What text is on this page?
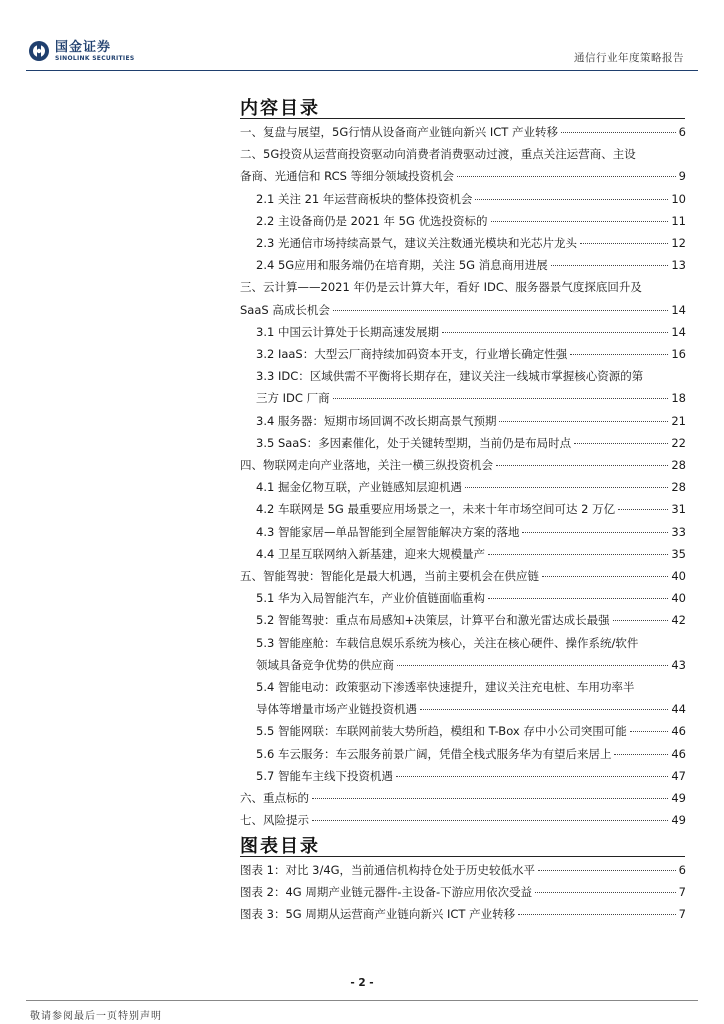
国金证券
SINOLINK SECURITIES	通信行业年度策略报告
内容目录
一、复盘与展望，5G行情从设备商产业链向新兴 ICT 产业转移	6
二、5G投资从运营商投资驱动向消费者消费驱动过渡，重点关注运营商、主设
备商、光通信和 RCS 等细分领域投资机会	9
2.1 关注 21 年运营商板块的整体投资机会	10
2.2 主设备商仍是 2021 年 5G 优选投资标的	11
2.3 光通信市场持续高景气，建议关注数通光模块和光芯片龙头	12
2.4 5G应用和服务端仍在培育期，关注 5G 消息商用进展	13
三、云计算——2021 年仍是云计算大年，看好 IDC、服务器景气度探底回升及
SaaS 高成长机会	14
3.1 中国云计算处于长期高速发展期	14
3.2 IaaS：大型云厂商持续加码资本开支，行业增长确定性强	16
3.3 IDC：区域供需不平衡将长期存在，建议关注一线城市掌握核心资源的第
三方 IDC 厂商	18
3.4 服务器：短期市场回调不改长期高景气预期	21
3.5 SaaS：多因素催化，处于关键转型期，当前仍是布局时点	22
四、物联网走向产业落地，关注一横三纵投资机会	28
4.1 掘金亿物互联，产业链感知层迎机遇	28
4.2 车联网是 5G 最重要应用场景之一，未来十年市场空间可达 2 万亿	31
4.3 智能家居—单品智能到全屋智能解决方案的落地	33
4.4 卫星互联网纳入新基建，迎来大规模量产	35
五、智能驾驶：智能化是最大机遇，当前主要机会在供应链	40
5.1 华为入局智能汽车，产业价值链面临重构	40
5.2 智能驾驶：重点布局感知+决策层，计算平台和激光雷达成长最强	42
5.3 智能座舱：车载信息娱乐系统为核心，关注在核心硬件、操作系统/软件
领域具备竞争优势的供应商	43
5.4 智能电动：政策驱动下渗透率快速提升，建议关注充电桩、车用功率半
导体等增量市场产业链投资机遇	44
5.5 智能网联：车联网前装大势所趋，模组和 T-Box 存中小公司突围可能	46
5.6 车云服务：车云服务前景广阔，凭借全栈式服务华为有望后来居上	46
5.7 智能车主线下投资机遇	47
六、重点标的	49
七、风险提示	49
图表目录
图表 1：对比 3/4G，当前通信机构持仓处于历史较低水平	6
图表 2：4G 周期产业链元器件-主设备-下游应用依次受益	7
图表 3：5G 周期从运营商产业链向新兴 ICT 产业转移	7
- 2 -
敬请参阅最后一页特别声明
